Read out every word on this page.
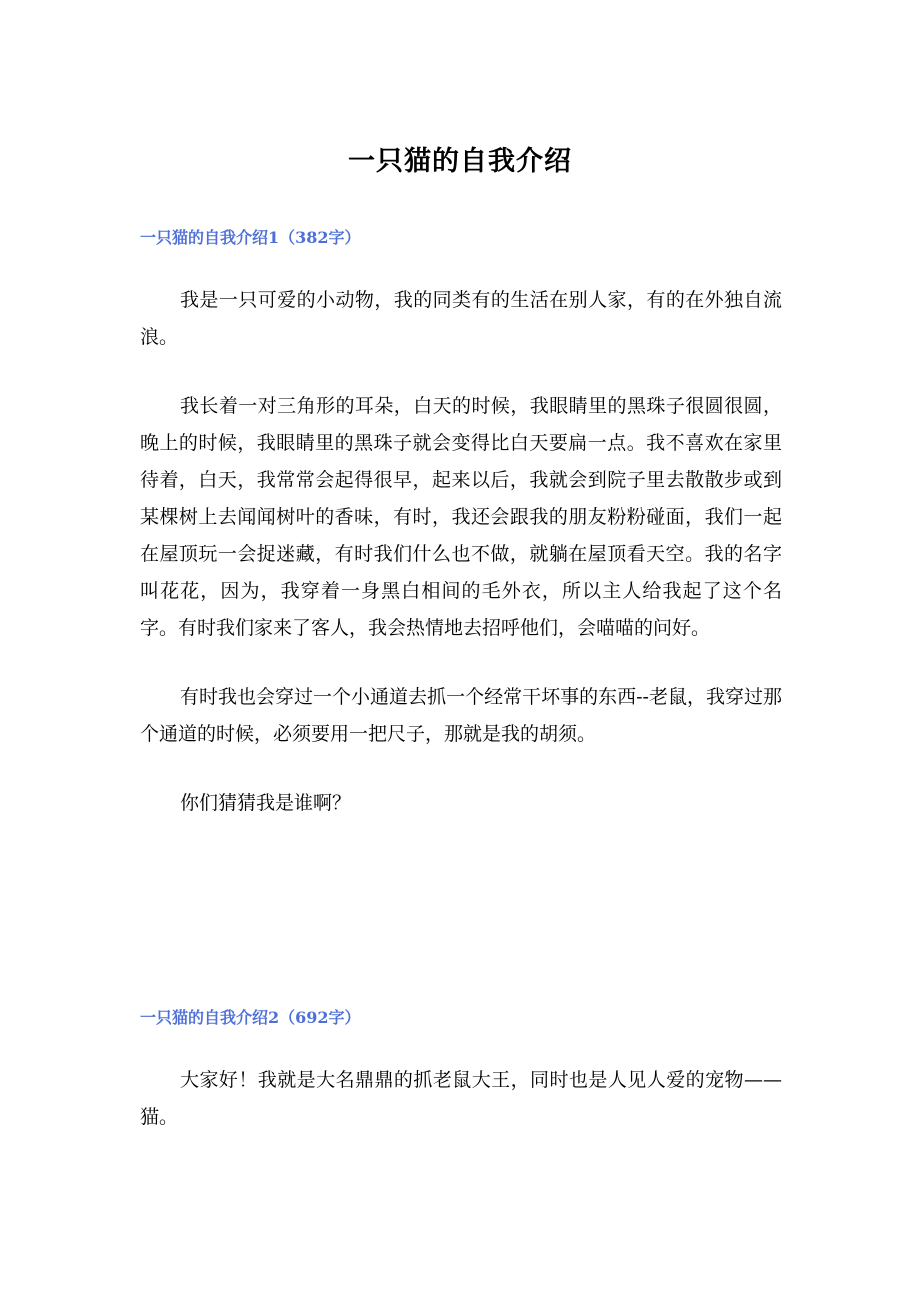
一只猫的自我介绍
一只猫的自我介绍1（382字）

我是一只可爱的小动物，我的同类有的生活在别人家，有的在外独自流浪。

我长着一对三角形的耳朵，白天的时候，我眼睛里的黑珠子很圆很圆，晚上的时候，我眼睛里的黑珠子就会变得比白天要扁一点。我不喜欢在家里待着，白天，我常常会起得很早，起来以后，我就会到院子里去散散步或到某棵树上去闻闻树叶的香味，有时，我还会跟我的朋友粉粉碰面，我们一起在屋顶玩一会捉迷藏，有时我们什么也不做，就躺在屋顶看天空。我的名字叫花花，因为，我穿着一身黑白相间的毛外衣，所以主人给我起了这个名字。有时我们家来了客人，我会热情地去招呼他们，会喵喵的问好。

有时我也会穿过一个小通道去抓一个经常干坏事的东西--老鼠，我穿过那个通道的时候，必须要用一把尺子，那就是我的胡须。

你们猜猜我是谁啊？

一只猫的自我介绍2（692字）

大家好！我就是大名鼎鼎的抓老鼠大王，同时也是人见人爱的宠物——猫。
